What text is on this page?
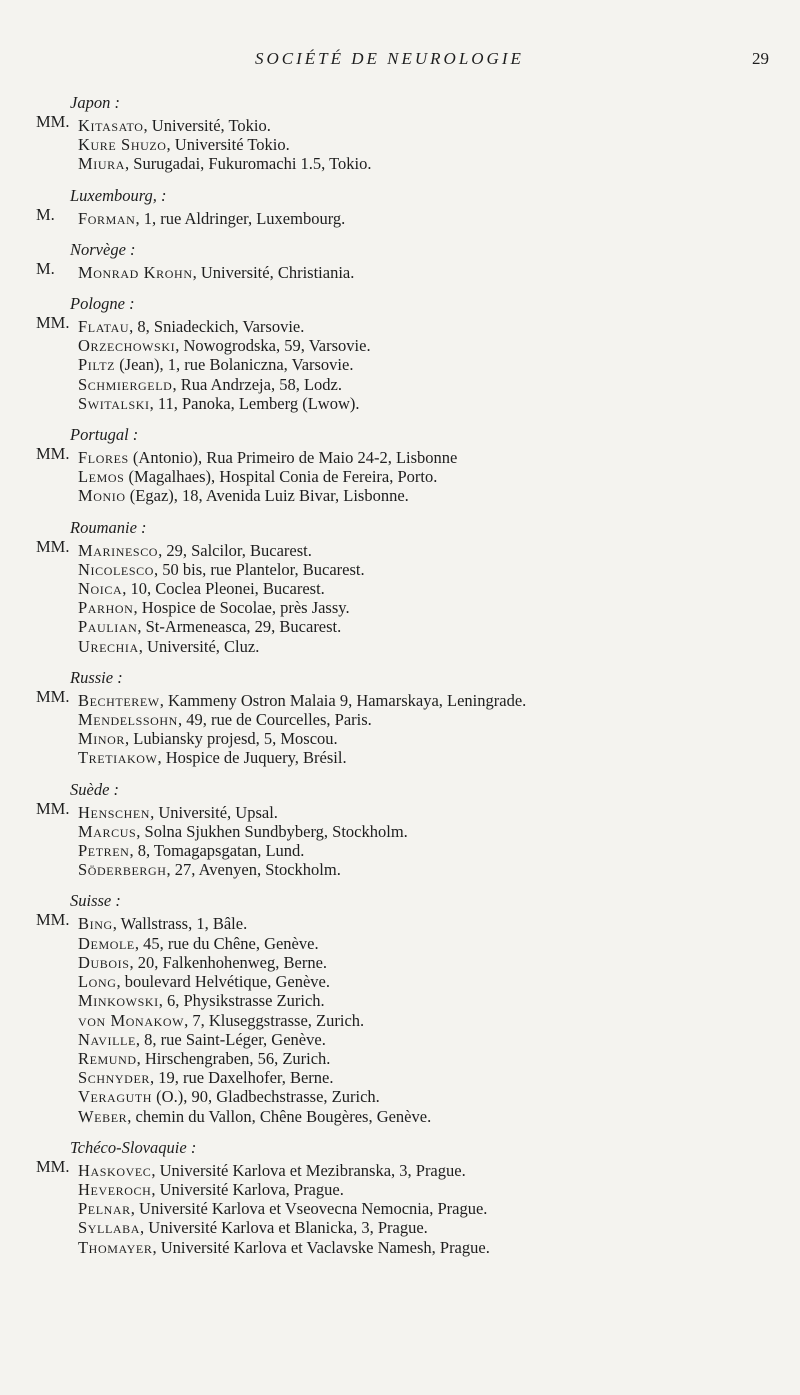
SOCIÉTÉ DE NEUROLOGIE	29
Japon :
MM. Kitasato, Université, Tokio.
Kure Shuzo, Université Tokio.
Miura, Surugadai, Fukuromachi 1.5, Tokio.
Luxembourg, :
M. Forman, 1, rue Aldringer, Luxembourg.
Norvège :
M. Monrad Krohn, Université, Christiania.
Pologne :
MM. Flatau, 8, Sniadeckich, Varsovie.
Orzechowski, Nowogrodska, 59, Varsovie.
Piltz (Jean), 1, rue Bolaniczna, Varsovie.
Schmiergeld, Rua Andrzeja, 58, Lodz.
Switalski, 11, Panoka, Lemberg (Lwow).
Portugal :
MM. Flores (Antonio), Rua Primeiro de Maio 24-2, Lisbonne
Lemos (Magalhaes), Hospital Conia de Fereira, Porto.
Monio (Egaz), 18, Avenida Luiz Bivar, Lisbonne.
Roumanie :
MM. Marinesco, 29, Salcilor, Bucarest.
Nicolesco, 50 bis, rue Plantelor, Bucarest.
Noica, 10, Coclea Pleonei, Bucarest.
Parhon, Hospice de Socolae, près Jassy.
Paulian, St-Armeneasca, 29, Bucarest.
Urechia, Université, Cluz.
Russie :
MM. Bechterew, Kammeny Ostron Malaia 9, Hamarskaya, Leningrade.
Mendelssohn, 49, rue de Courcelles, Paris.
Minor, Lubiansky projesd, 5, Moscou.
Tretiakow, Hospice de Juquery, Brésil.
Suède :
MM. Henschen, Université, Upsal.
Marcus, Solna Sjukhen Sundbyberg, Stockholm.
Petren, 8, Tomagapsgatan, Lund.
Söderbergh, 27, Avenyen, Stockholm.
Suisse :
MM. Bing, Wallstrass, 1, Bâle.
Demole, 45, rue du Chêne, Genève.
Dubois, 20, Falkenhohenweg, Berne.
Long, boulevard Helvétique, Genève.
Minkowski, 6, Physikstrasse Zurich.
von Monakow, 7, Kluseggstrasse, Zurich.
Naville, 8, rue Saint-Léger, Genève.
Remund, Hirschengraben, 56, Zurich.
Schnyder, 19, rue Daxelhofer, Berne.
Veraguth (O.), 90, Gladbechstrasse, Zurich.
Weber, chemin du Vallon, Chêne Bougères, Genève.
Tchéco-Slovaquie :
MM. Haskovec, Université Karlova et Mezibranska, 3, Prague.
Heveroch, Université Karlova, Prague.
Pelnar, Université Karlova et Vseovecna Nemocnia, Prague.
Syllaba, Université Karlova et Blanicka, 3, Prague.
Thomayer, Université Karlova et Vaclavske Namesh, Prague.
